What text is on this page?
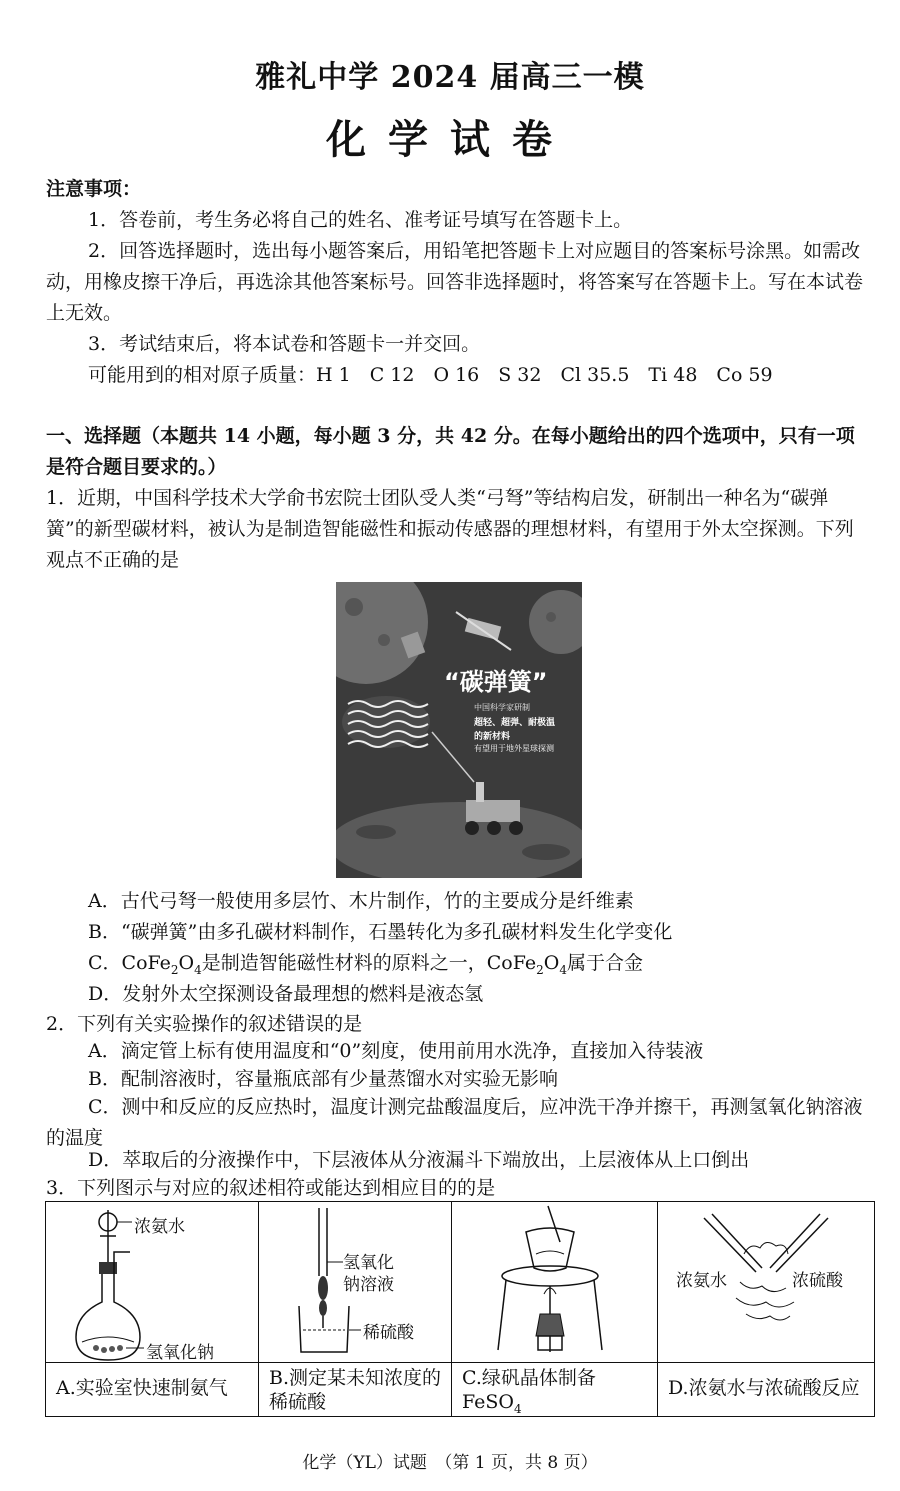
雅礼中学 2024 届高三一模
化学试卷
注意事项：
1．答卷前，考生务必将自己的姓名、准考证号填写在答题卡上。
2．回答选择题时，选出每小题答案后，用铅笔把答题卡上对应题目的答案标号涂黑。如需改动，用橡皮擦干净后，再选涂其他答案标号。回答非选择题时，将答案写在答题卡上。写在本试卷上无效。
3．考试结束后，将本试卷和答题卡一并交回。
可能用到的相对原子质量：H 1　C 12　O 16　S 32　Cl 35.5　Ti 48　Co 59
一、选择题（本题共 14 小题，每小题 3 分，共 42 分。在每小题给出的四个选项中，只有一项是符合题目要求的。）
1．近期，中国科学技术大学俞书宏院士团队受人类“弓弩”等结构启发，研制出一种名为“碳弹簧”的新型碳材料，被认为是制造智能磁性和振动传感器的理想材料，有望用于外太空探测。下列观点不正确的是
“碳弹簧”
中国科学家研制
超轻、超弹、耐极温
的新材料
有望用于地外星球探测
A．古代弓弩一般使用多层竹、木片制作，竹的主要成分是纤维素
B．“碳弹簧”由多孔碳材料制作，石墨转化为多孔碳材料发生化学变化
C．$CoFe_2O_4$是制造智能磁性材料的原料之一，$CoFe_2O_4$属于合金
D．发射外太空探测设备最理想的燃料是液态氢
2．下列有关实验操作的叙述错误的是
A．滴定管上标有使用温度和“0”刻度，使用前用水洗净，直接加入待装液
B．配制溶液时，容量瓶底部有少量蒸馏水对实验无影响
C．测中和反应的反应热时，温度计测完盐酸温度后，应冲洗干净并擦干，再测氢氧化钠溶液的温度
D．萃取后的分液操作中，下层液体从分液漏斗下端放出，上层液体从上口倒出
3．下列图示与对应的叙述相符或能达到相应目的的是
浓氨水
氢氧化钠
A.实验室快速制氨气
氢氧化
钠溶液
稀硫酸
B.测定某未知浓度的稀硫酸
C.绿矾晶体制备
FeSO$_4$
浓氨水	浓硫酸
D.浓氨水与浓硫酸反应
化学（YL）试题　（第 1 页，共 8 页）
